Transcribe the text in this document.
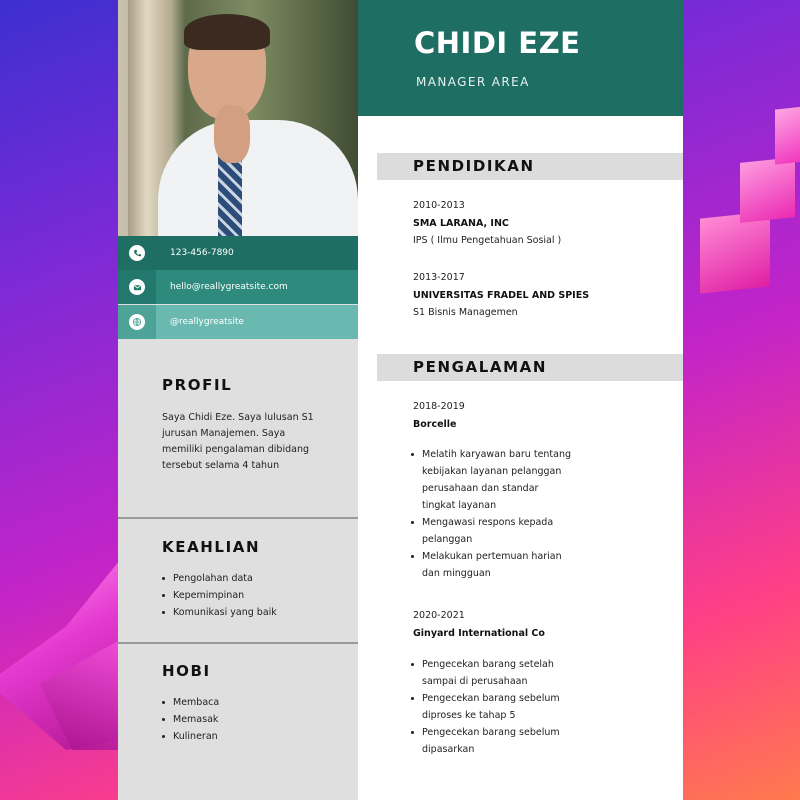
123-456-7890
hello@reallygreatsite.com
@reallygreatsite
PROFIL
Saya Chidi Eze. Saya lulusan S1
jurusan Manajemen. Saya
memiliki pengalaman dibidang
tersebut selama 4 tahun
KEAHLIAN
Pengolahan data
Kepemimpinan
Komunikasi yang baik
HOBI
Membaca
Memasak
Kulineran
CHIDI EZE
MANAGER AREA
PENDIDIKAN
2010-2013
SMA LARANA, INC
IPS ( Ilmu Pengetahuan Sosial )
2013-2017
UNIVERSITAS FRADEL AND SPIES
S1 Bisnis Managemen
PENGALAMAN
2018-2019
Borcelle
Melatih karyawan baru tentang
kebijakan layanan pelanggan
perusahaan dan standar
tingkat layanan
Mengawasi respons kepada
pelanggan
Melakukan pertemuan harian
dan mingguan
2020-2021
Ginyard International Co
Pengecekan barang setelah
sampai di perusahaan
Pengecekan barang sebelum
diproses ke tahap 5
Pengecekan barang sebelum
dipasarkan
